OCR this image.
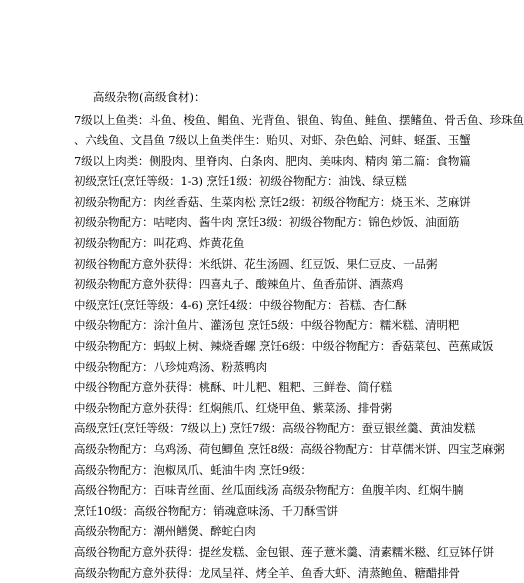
高级杂物(高级食材)：
7级以上鱼类：斗鱼、梭鱼、鲳鱼、光背鱼、银鱼、钩鱼、鲑鱼、摆鳍鱼、骨舌鱼、珍珠鱼
、六线鱼、文昌鱼 7级以上鱼类伴生：贻贝、对虾、杂色蛤、河蚌、蛏蛋、玉蟹
7级以上肉类：侧股肉、里脊肉、白条肉、肥肉、美味肉、精肉 第二篇：食物篇
初级烹饪(烹饪等级：1-3) 烹饪1级：初级谷物配方：油饯、绿豆糕
初级杂物配方：肉丝香菇、生菜肉松 烹饪2级：初级谷物配方：烧玉米、芝麻饼
初级杂物配方：咕咾肉、酱牛肉 烹饪3级：初级谷物配方：锦色炒饭、油面筋
初级杂物配方：叫花鸡、炸黄花鱼
初级谷物配方意外获得：米纸饼、花生汤圆、红豆饭、果仁豆皮、一品粥
初级杂物配方意外获得：四喜丸子、酸辣鱼片、鱼香茄饼、酒蒸鸡
中级烹饪(烹饪等级：4-6) 烹饪4级：中级谷物配方：苔糕、杏仁酥
中级杂物配方：涂汁鱼片、灌汤包 烹饪5级：中级谷物配方：糯米糕、清明粑
中级杂物配方：蚂蚁上树、辣烧香螺 烹饪6级：中级谷物配方：香菇菜包、芭蕉咸饭
中级杂物配方：八珍炖鸡汤、粉蒸鸭肉
中级谷物配方意外获得：桃酥、叶儿粑、粗粑、三鲜卷、简仔糕
中级杂物配方意外获得：红焖熊爪、红烧甲鱼、紫菜汤、排骨粥
高级烹饪(烹饪等级：7级以上) 烹饪7级：高级谷物配方：蚕豆银丝羹、黄油发糕
高级杂物配方：乌鸡汤、荷包鲫鱼 烹饪8级：高级谷物配方：甘草儒米饼、四宝芝麻粥
高级杂物配方：泡椒凤爪、蚝油牛肉 烹饪9级：
高级谷物配方：百味青丝面、丝瓜面线汤 高级杂物配方：鱼腹羊肉、红焖牛腩
烹饪10级：高级谷物配方：销魂意味汤、千刀酥雪饼
高级杂物配方：潮州鳝煲、醉蛇白肉
高级谷物配方意外获得：提丝发糕、金包银、莲子薏米羹、清素糯米糍、红豆钵仔饼
高级杂物配方意外获得：龙凤呈祥、烤全羊、鱼香大虾、清蒸鲍鱼、糖醋排骨
